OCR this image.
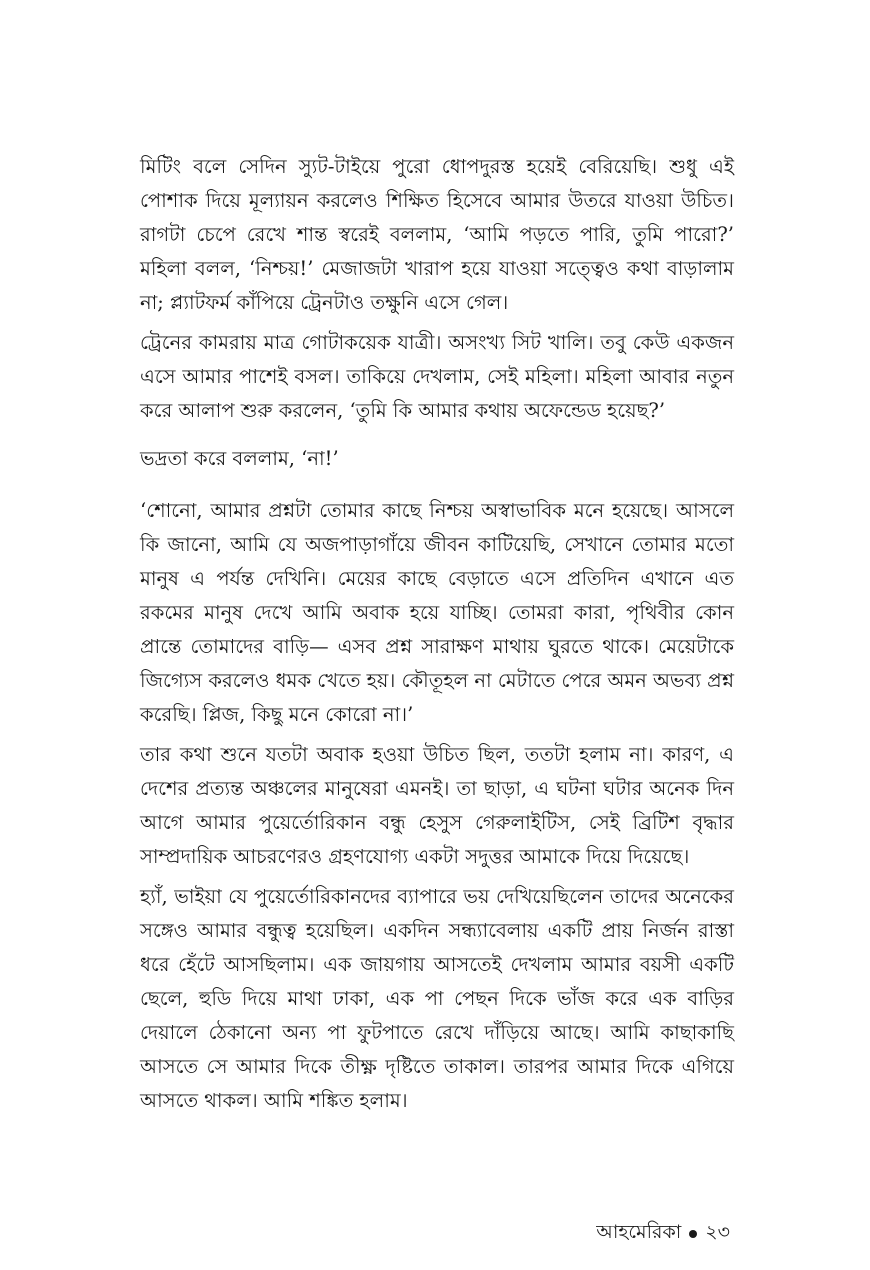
মিটিং বলে সেদিন স্যুট-টাইয়ে পুরো ধোপদুরস্ত হয়েই বেরিয়েছি। শুধু এই পোশাক দিয়ে মূল্যায়ন করলেও শিক্ষিত হিসেবে আমার উতরে যাওয়া উচিত। রাগটা চেপে রেখে শান্ত স্বরেই বললাম, ‘আমি পড়তে পারি, তুমি পারো?’ মহিলা বলল, ‘নিশ্চয়!’ মেজাজটা খারাপ হয়ে যাওয়া সত্ত্বেও কথা বাড়ালাম না; প্ল্যাটফর্ম কাঁপিয়ে ট্রেনটাও তক্ষুনি এসে গেল।

ট্রেনের কামরায় মাত্র গোটাকয়েক যাত্রী। অসংখ্য সিট খালি। তবু কেউ একজন এসে আমার পাশেই বসল। তাকিয়ে দেখলাম, সেই মহিলা। মহিলা আবার নতুন করে আলাপ শুরু করলেন, ‘তুমি কি আমার কথায় অফেন্ডেড হয়েছ?’

ভদ্রতা করে বললাম, ‘না!’

‘শোনো, আমার প্রশ্নটা তোমার কাছে নিশ্চয় অস্বাভাবিক মনে হয়েছে। আসলে কি জানো, আমি যে অজপাড়াগাঁয়ে জীবন কাটিয়েছি, সেখানে তোমার মতো মানুষ এ পর্যন্ত দেখিনি। মেয়ের কাছে বেড়াতে এসে প্রতিদিন এখানে এত রকমের মানুষ দেখে আমি অবাক হয়ে যাচ্ছি। তোমরা কারা, পৃথিবীর কোন প্রান্তে তোমাদের বাড়ি— এসব প্রশ্ন সারাক্ষণ মাথায় ঘুরতে থাকে। মেয়েটাকে জিগ্যেস করলেও ধমক খেতে হয়। কৌতূহল না মেটাতে পেরে অমন অভব্য প্রশ্ন করেছি। প্লিজ, কিছু মনে কোরো না।’

তার কথা শুনে যতটা অবাক হওয়া উচিত ছিল, ততটা হলাম না। কারণ, এ দেশের প্রত্যন্ত অঞ্চলের মানুষেরা এমনই। তা ছাড়া, এ ঘটনা ঘটার অনেক দিন আগে আমার পুয়ের্তোরিকান বন্ধু হেসুস গেরুলাইটিস, সেই ব্রিটিশ বৃদ্ধার সাম্প্রদায়িক আচরণেরও গ্রহণযোগ্য একটা সদুত্তর আমাকে দিয়ে দিয়েছে।

হ্যাঁ, ভাইয়া যে পুয়ের্তোরিকানদের ব্যাপারে ভয় দেখিয়েছিলেন তাদের অনেকের সঙ্গেও আমার বন্ধুত্ব হয়েছিল। একদিন সন্ধ্যাবেলায় একটি প্রায় নির্জন রাস্তা ধরে হেঁটে আসছিলাম। এক জায়গায় আসতেই দেখলাম আমার বয়সী একটি ছেলে, হুডি দিয়ে মাথা ঢাকা, এক পা পেছন দিকে ভাঁজ করে এক বাড়ির দেয়ালে ঠেকানো অন্য পা ফুটপাতে রেখে দাঁড়িয়ে আছে। আমি কাছাকাছি আসতে সে আমার দিকে তীক্ষ্ণ দৃষ্টিতে তাকাল। তারপর আমার দিকে এগিয়ে আসতে থাকল। আমি শঙ্কিত হলাম।

আহমেরিকা ২৩
